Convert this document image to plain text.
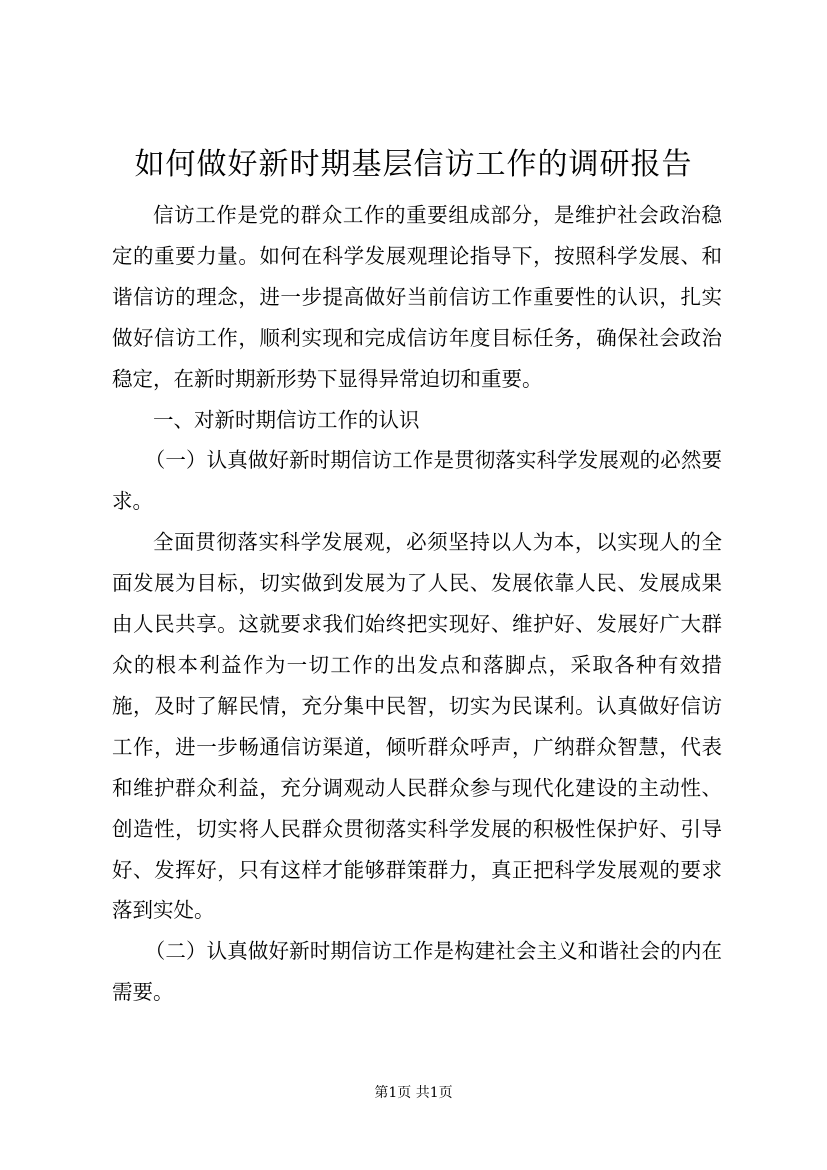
如何做好新时期基层信访工作的调研报告

信访工作是党的群众工作的重要组成部分，是维护社会政治稳定的重要力量。如何在科学发展观理论指导下，按照科学发展、和谐信访的理念，进一步提高做好当前信访工作重要性的认识，扎实做好信访工作，顺利实现和完成信访年度目标任务，确保社会政治稳定，在新时期新形势下显得异常迫切和重要。

一、对新时期信访工作的认识

（一）认真做好新时期信访工作是贯彻落实科学发展观的必然要求。

全面贯彻落实科学发展观，必须坚持以人为本，以实现人的全面发展为目标，切实做到发展为了人民、发展依靠人民、发展成果由人民共享。这就要求我们始终把实现好、维护好、发展好广大群众的根本利益作为一切工作的出发点和落脚点，采取各种有效措施，及时了解民情，充分集中民智，切实为民谋利。认真做好信访工作，进一步畅通信访渠道，倾听群众呼声，广纳群众智慧，代表和维护群众利益，充分调观动人民群众参与现代化建设的主动性、创造性，切实将人民群众贯彻落实科学发展的积极性保护好、引导好、发挥好，只有这样才能够群策群力，真正把科学发展观的要求落到实处。

（二）认真做好新时期信访工作是构建社会主义和谐社会的内在需要。

第1页 共1页
